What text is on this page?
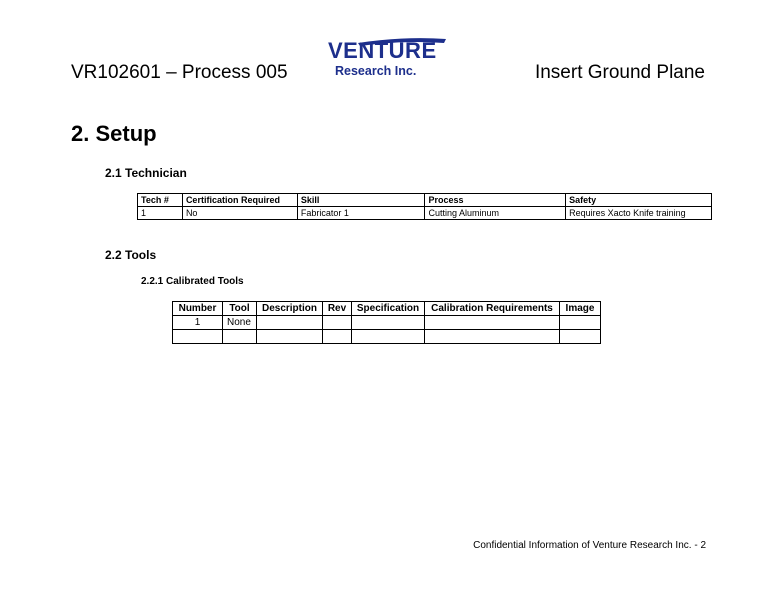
VR102601 – Process 005
VENTURE
Research Inc.	Insert Ground Plane
2. Setup
2.1 Technician
Tech #	Certification Required	Skill	Process	Safety
1	No	Fabricator 1	Cutting Aluminum	Requires Xacto Knife training
2.2 Tools
2.2.1 Calibrated Tools
Number	Tool	Description	Rev	Specification	Calibration Requirements	Image
1	None					

Confidential Information of Venture Research Inc. - 2
